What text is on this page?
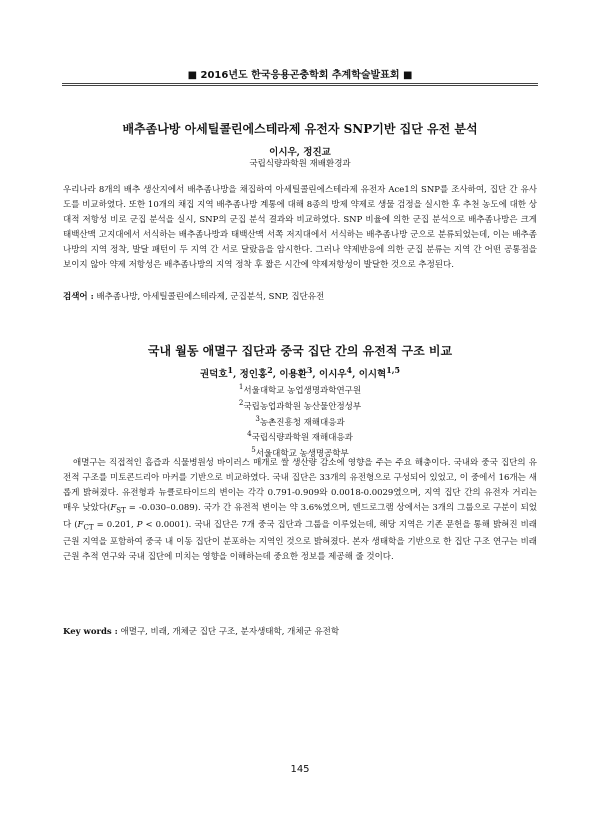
■ 2016년도 한국응용곤충학회 추계학술발표회 ■
배추좀나방 아세틸콜린에스테라제 유전자 SNP기반 집단 유전 분석
이시우, 정진교
국립식량과학원 재배환경과

우리나라 8개의 배추 생산지에서 배추좀나방을 채집하여 아세틸콜린에스테라제 유전자 Ace1의 SNP를 조사하여, 집단 간 유사도를 비교하였다. 또한 10개의 채집 지역 배추좀나방 계통에 대해 8종의 방제 약제로 생물 검정을 실시한 후 추천 농도에 대한 상대적 저항성 비로 군집 분석을 실시, SNP의 군집 분석 결과와 비교하였다. SNP 비율에 의한 군집 분석으로 배추좀나방은 크게 태백산맥 고지대에서 서식하는 배추좀나방과 태백산맥 서쪽 저지대에서 서식하는 배추좀나방 군으로 분류되었는데, 이는 배추좀나방의 지역 정착, 발달 패턴이 두 지역 간 서로 달랐음을 암시한다. 그러나 약제반응에 의한 군집 분류는 지역 간 어떤 공통점을 보이지 않아 약제 저항성은 배추좀나방의 지역 정착 후 짧은 시간에 약제저항성이 발달한 것으로 추정된다.

검색어 : 배추좀나방, 아세틸콜린에스테라제, 군집분석, SNP, 집단유전

국내 월동 애멸구 집단과 중국 집단 간의 유전적 구조 비교
권덕호$^1$, 정인홍$^2$, 이용환$^3$, 이시우$^4$, 이시혁$^{1,5}$
$^1$서울대학교 농업생명과학연구원
$^2$국립농업과학원 농산물안정성부
$^3$농촌진흥청 재해대응과
$^4$국립식량과학원 재해대응과
$^5$서울대학교 농생명공학부

애멸구는 직접적인 흡즙과 식물병원성 바이러스 매개로 쌀 생산량 감소에 영향을 주는 주요 해충이다. 국내와 중국 집단의 유전적 구조를 미토콘드리아 마커를 기반으로 비교하였다. 국내 집단은 33개의 유전형으로 구성되어 있었고, 이 중에서 16개는 새롭게 밝혀졌다. 유전형과 뉴클로타이드의 변이는 각각 0.791-0.909와 0.0018-0.0029였으며, 지역 집단 간의 유전자 거리는 매우 낮았다$(F_{ST} = -0.030-0.089)$. 국가 간 유전적 변이는 약 3.6%였으며, 덴드로그램 상에서는 3개의 그룹으로 구분이 되었다 ($F_{CT} = 0.201$, P < 0.0001). 국내 집단은 7개 중국 집단과 그룹을 이루었는데, 해당 지역은 기존 문헌을 통해 밝혀진 비래 근원 지역을 포함하여 중국 내 이동 집단이 분포하는 지역인 것으로 밝혀졌다. 본자 생태학을 기반으로 한 집단 구조 연구는 비래 근원 추적 연구와 국내 집단에 미치는 영향을 이해하는데 중요한 정보를 제공해 줄 것이다.

Key words : 애멸구, 비래, 개체군 집단 구조, 분자생태학, 개체군 유전학

145
